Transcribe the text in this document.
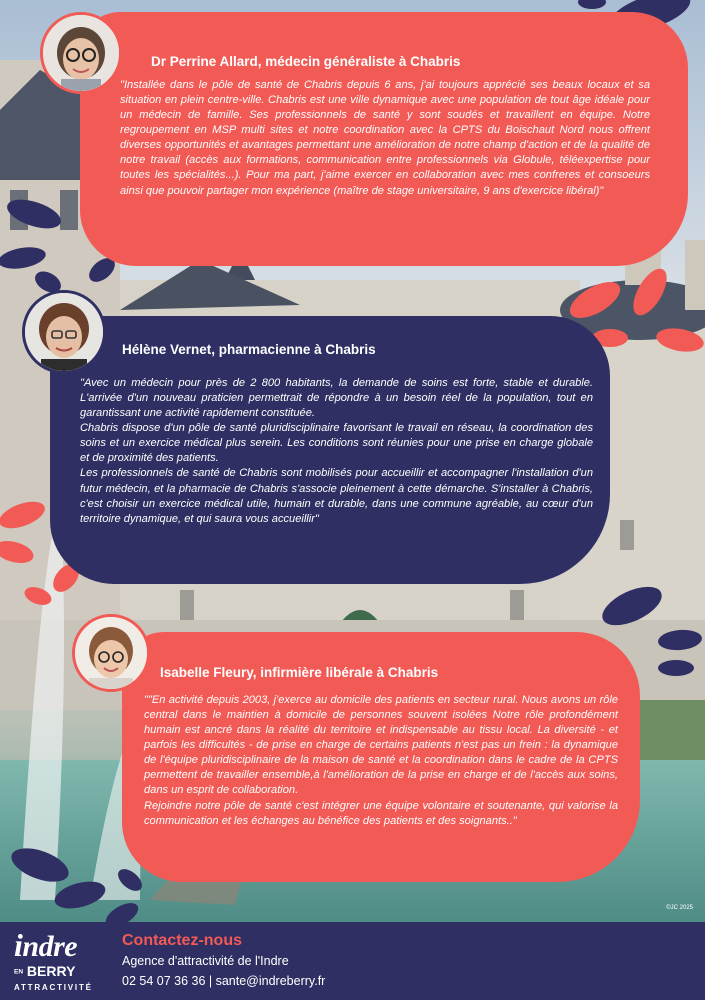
Dr Perrine Allard, médecin généraliste à Chabris

"Installée dans le pôle de santé de Chabris depuis 6 ans, j'ai toujours apprécié ses beaux locaux et sa situation en plein centre-ville. Chabris est une ville dynamique avec une population de tout âge idéale pour un médecin de famille. Ses professionnels de santé y sont soudés et travaillent en équipe. Notre regroupement en MSP multi sites et notre coordination avec la CPTS du Boischaut Nord nous offrent diverses opportunités et avantages permettant une amélioration de notre champ d'action et de la qualité de notre travail (accès aux formations, communication entre professionnels via Globule, téléexpertise pour toutes les spécialités...). Pour ma part, j'aime exercer en collaboration avec mes confreres et consoeurs ainsi que pouvoir partager mon expérience (maître de stage universitaire, 9 ans d'exercice libéral)"

Hélène Vernet, pharmacienne à Chabris

"Avec un médecin pour près de 2 800 habitants, la demande de soins est forte, stable et durable. L'arrivée d'un nouveau praticien permettrait de répondre à un besoin réel de la population, tout en garantissant une activité rapidement constituée.

Chabris dispose d'un pôle de santé pluridisciplinaire favorisant le travail en réseau, la coordination des soins et un exercice médical plus serein. Les conditions sont réunies pour une prise en charge globale et de proximité des patients.

Les professionnels de santé de Chabris sont mobilisés pour accueillir et accompagner l'installation d'un futur médecin, et la pharmacie de Chabris s'associe pleinement à cette démarche. S'installer à Chabris, c'est choisir un exercice médical utile, humain et durable, dans une commune agréable, au cœur d'un territoire dynamique, et qui saura vous accueillir"

Isabelle Fleury, infirmière libérale à Chabris

""En activité depuis 2003, j'exerce au domicile des patients en secteur rural. Nous avons un rôle central dans le maintien à domicile de personnes souvent isolées Notre rôle profondément humain est ancré dans la réalité du territoire et indispensable au tissu local. La diversité - et parfois les difficultés - de prise en charge de certains patients n'est pas un frein : la dynamique de l'équipe pluridisciplinaire de la maison de santé et la coordination dans le cadre de la CPTS permettent de travailler ensemble,à l'amélioration de la prise en charge et de l'accès aux soins, dans un esprit de collaboration.

Rejoindre notre pôle de santé c'est intégrer une équipe volontaire et soutenante, qui valorise la communication et les échanges au bénéfice des patients et des soignants.."

©JC 2025
indre
EN BERRY
ATTRACTIVITÉ
Contactez-nous
Agence d'attractivité de l'Indre
02 54 07 36 36 | sante@indreberry.fr
